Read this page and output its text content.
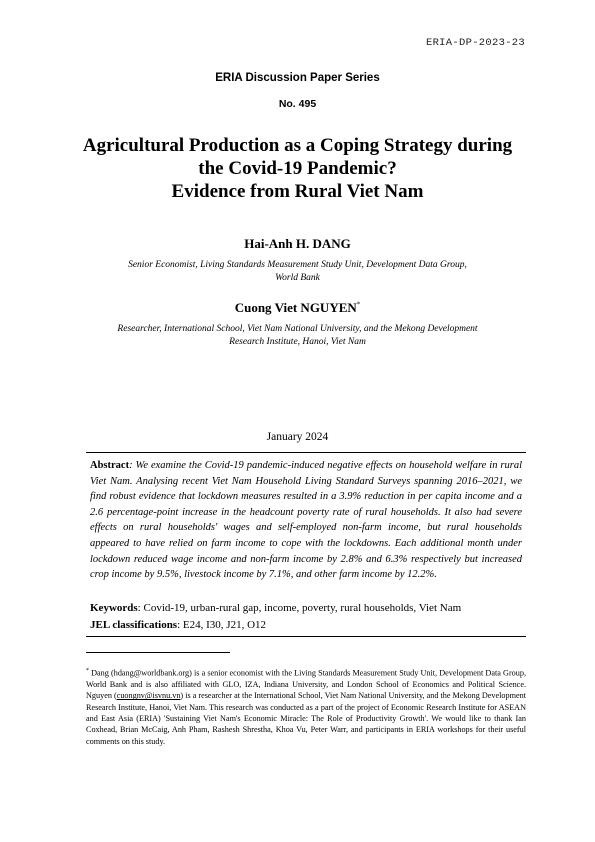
ERIA-DP-2023-23
ERIA Discussion Paper Series
No. 495
Agricultural Production as a Coping Strategy during
the Covid-19 Pandemic?
Evidence from Rural Viet Nam
Hai-Anh H. DANG
Senior Economist, Living Standards Measurement Study Unit, Development Data Group,
World Bank
Cuong Viet NGUYEN*
Researcher, International School, Viet Nam National University, and the Mekong Development
Research Institute, Hanoi, Viet Nam
January 2024
Abstract: We examine the Covid-19 pandemic-induced negative effects on household welfare in rural Viet Nam. Analysing recent Viet Nam Household Living Standard Surveys spanning 2016–2021, we find robust evidence that lockdown measures resulted in a 3.9% reduction in per capita income and a 2.6 percentage-point increase in the headcount poverty rate of rural households. It also had severe effects on rural households' wages and self-employed non-farm income, but rural households appeared to have relied on farm income to cope with the lockdowns. Each additional month under lockdown reduced wage income and non-farm income by 2.8% and 6.3% respectively but increased crop income by 9.5%, livestock income by 7.1%, and other farm income by 12.2%.
Keywords: Covid-19, urban-rural gap, income, poverty, rural households, Viet Nam
JEL classifications: E24, I30, J21, O12
* Dang (hdang@worldbank.org) is a senior economist with the Living Standards Measurement Study Unit, Development Data Group, World Bank and is also affiliated with GLO, IZA, Indiana University, and London School of Economics and Political Science. Nguyen (cuongnv@isvnu.vn) is a researcher at the International School, Viet Nam National University, and the Mekong Development Research Institute, Hanoi, Viet Nam. This research was conducted as a part of the project of Economic Research Institute for ASEAN and East Asia (ERIA) 'Sustaining Viet Nam's Economic Miracle: The Role of Productivity Growth'. We would like to thank Ian Coxhead, Brian McCaig, Anh Pham, Rashesh Shrestha, Khoa Vu, Peter Warr, and participants in ERIA workshops for their useful comments on this study.
